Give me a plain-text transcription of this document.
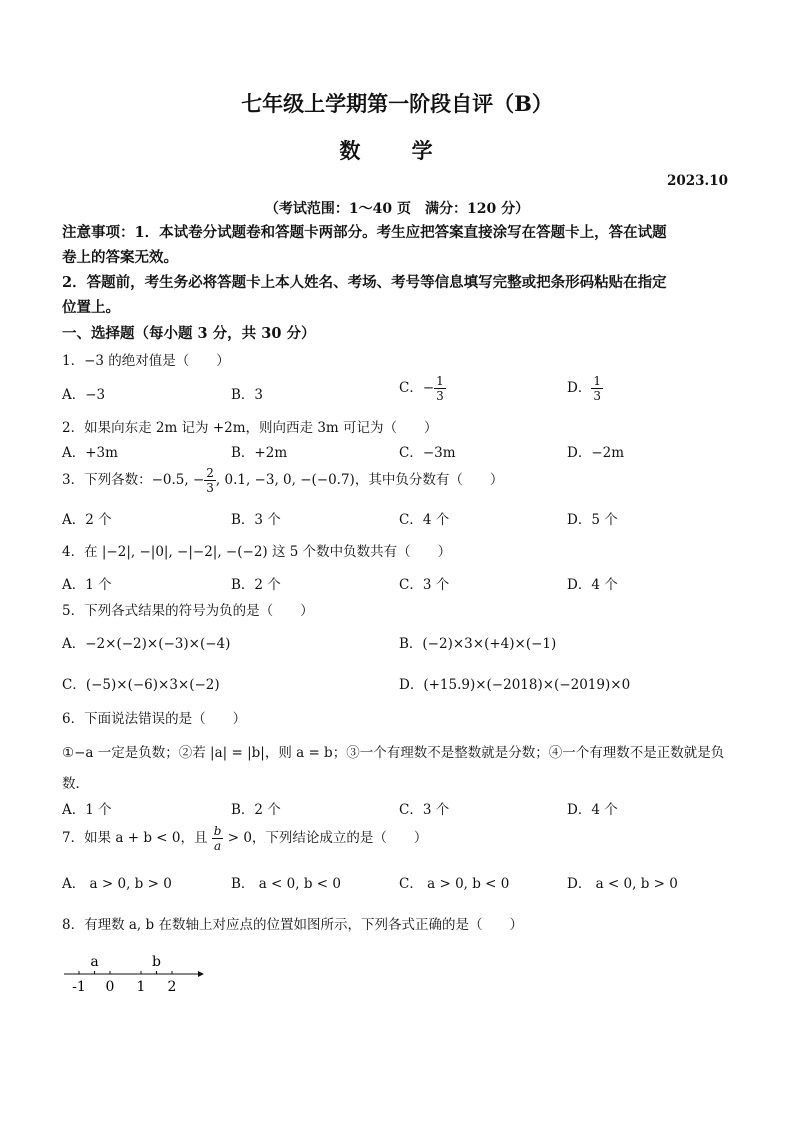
七年级上学期第一阶段自评（B）
数 学
2023.10
（考试范围：1～40 页　满分：120 分）
注意事项：1．本试卷分试题卷和答题卡两部分。考生应把答案直接涂写在答题卡上，答在试题
卷上的答案无效。
2．答题前，考生务必将答题卡上本人姓名、考场、考号等信息填写完整或把条形码粘贴在指定
位置上。
一、选择题（每小题 3 分，共 30 分）
1．−3 的绝对值是（　　）
A．−3	B．3	C．− $\frac{1}{3}$	D． $\frac{1}{3}$
2．如果向东走 2m 记为 +2m，则向西走 3m 可记为（　　）
A．+3m	B．+2m	C．−3m	D．−2m
3．下列各数：−0.5, − $\frac{2}{3}$ , 0.1, −3, 0, −(−0.7)，其中负分数有（　　）
A．2 个	B．3 个	C．4 个	D．5 个
4．在 |−2|, −|0|, −|−2|, −(−2) 这 5 个数中负数共有（　　）
A．1 个	B．2 个	C．3 个	D．4 个
5．下列各式结果的符号为负的是（　　）
A．−2×(−2)×(−3)×(−4)	B．(−2)×3×(+4)×(−1)
C．(−5)×(−6)×3×(−2)	D．(+15.9)×(−2018)×(−2019)×0
6．下面说法错误的是（　　）
①−a 一定是负数；②若 |a| = |b|，则 a = b；③一个有理数不是整数就是分数；④一个有理数不是正数就是负
数．
A．1 个	B．2 个	C．3 个	D．4 个
7．如果 a + b < 0，且 $\frac{b}{a} > 0$，下列结论成立的是（　　）
A． a > 0, b > 0	B． a < 0, b < 0	C． a > 0, b < 0	D． a < 0, b > 0
8．有理数 a, b 在数轴上对应点的位置如图所示，下列各式正确的是（　　）
-1 0 1 2
a	b
